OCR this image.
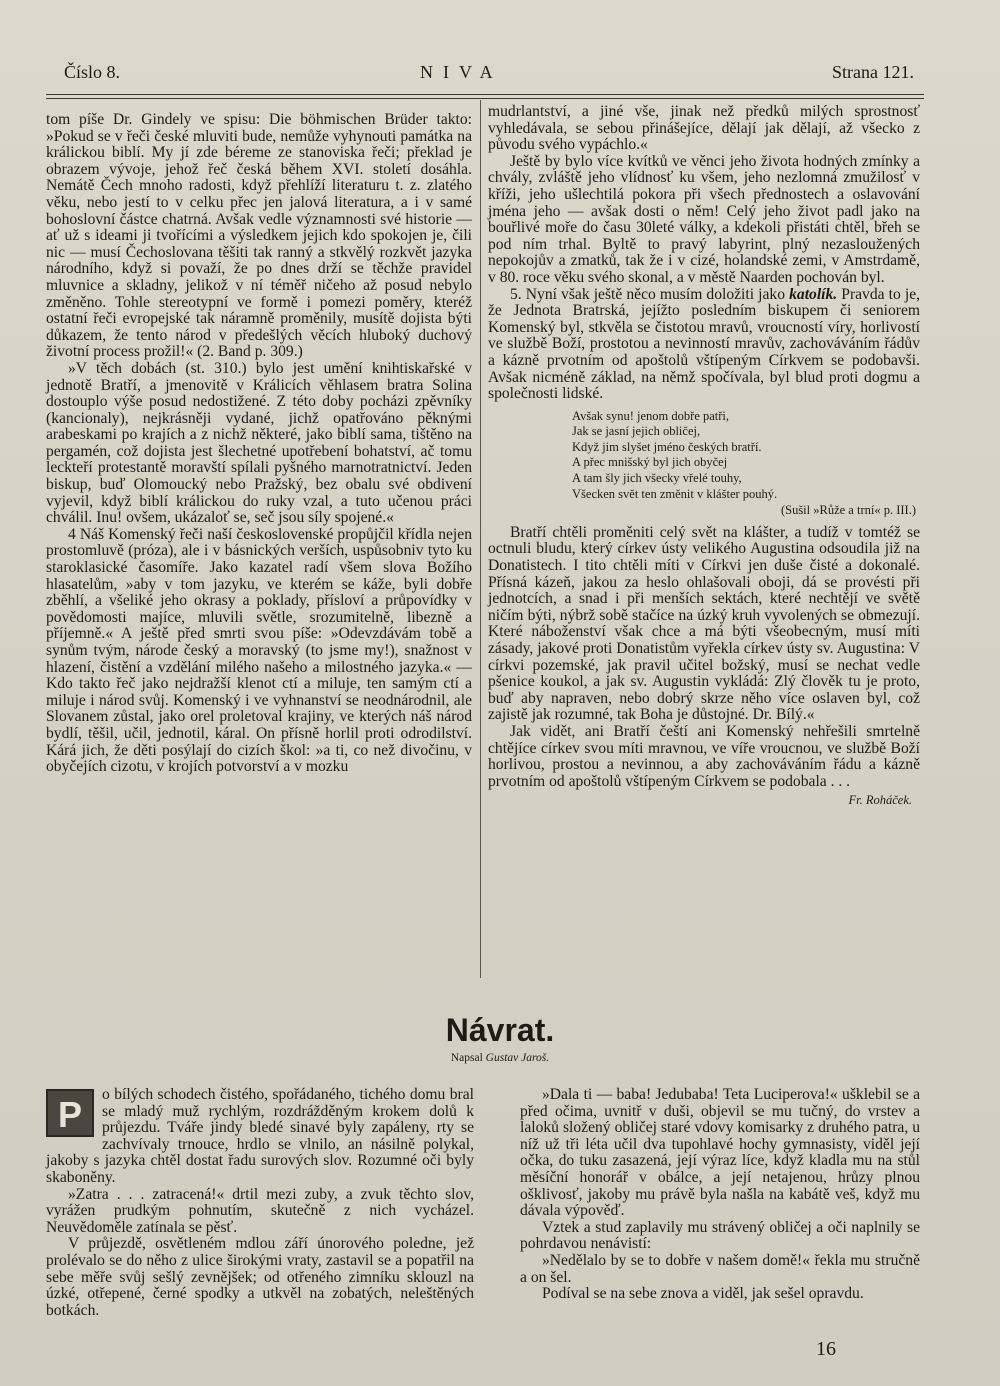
Číslo 8.	NIVA	Strana 121.

tom píše Dr. Gindely ve spisu: Die böhmischen Brüder takto: »Pokud se v řeči české mluviti bude, nemůže vyhynouti památka na králickou biblí. My jí zde béreme ze stanoviska řeči; překlad je obrazem vývoje, jehož řeč česká během XVI. století dosáhla. Nemátě Čech mnoho radosti, když přehlíží literaturu t. z. zlatého věku, nebo jestí to v celku přec jen jalová literatura, a i v samé bohoslovní částce chatrná. Avšak vedle významnosti své historie — ať už s ideami ji tvořícími a výsledkem jejich kdo spokojen je, čili nic — musí Čechoslovana těšiti tak ranný a stkvělý rozkvět jazyka národního, když si považí, že po dnes drží se těchže pravidel mluvnice a skladny, jelikož v ní téměř ničeho až posud nebylo změněno. Tohle stereotypní ve formě i pomezi poměry, kteréž ostatní řeči evropejské tak náramně proměnily, musítě dojista býti důkazem, že tento národ v předešlých věcích hluboký duchový životní process prožil!« (2. Band p. 309.)

»V těch dobách (st. 310.) bylo jest umění knihtiskařské v jednotě Bratří, a jmenovitě v Králicích věhlasem bratra Solina dostouplo výše posud nedostižené. Z této doby pocházi zpěvníky (kancionaly), nejkrásněji vydané, jichž opatřováno pěknými arabeskami po krajích a z nichž některé, jako biblí sama, tištěno na pergamén, což dojista jest šlechetné upotřebení bohatství, ač tomu leckteří protestantě moravští spílali pyšného marnotratnictví. Jeden biskup, buď Olomoucký nebo Pražský, bez obalu své obdivení vyjevil, když biblí králickou do ruky vzal, a tuto učenou práci chválil. Inu! ovšem, ukázaloť se, seč jsou síly spojené.«

4 Náš Komenský řeči naší československé propůjčil křídla nejen prostomluvě (próza), ale i v básnických verších, uspůsobniv tyto ku staroklasické časomíře. Jako kazatel radí všem slova Božího hlasatelům, »aby v tom jazyku, ve kterém se káže, byli dobře zběhlí, a všeliké jeho okrasy a poklady, přísloví a průpovídky v povědomosti majíce, mluvili světle, srozumitelně, libezně a příjemně.« A ještě před smrti svou píše: »Odevzdávám tobě a synům tvým, národe český a moravský (to jsme my!), snažnost v hlazení, čistění a vzdělání milého našeho a milostného jazyka.« — Kdo takto řeč jako nejdražší klenot ctí a miluje, ten samým ctí a miluje i národ svůj. Komenský i ve vyhnanství se neodnárodnil, ale Slovanem zůstal, jako orel proletoval krajiny, ve kterých náš národ bydlí, těšil, učil, jednotil, káral. On přísně horlil proti odrodilství. Kárá jich, že děti posýlají do cizích škol: »a ti, co než divočinu, v obyčejích cizotu, v krojích potvorství a v mozku

mudrlantství, a jiné vše, jinak než předků milých sprostnosť vyhledávala, se sebou přinášejíce, dělají jak dělají, až všecko z původu svého vypáchlo.«

Ještě by bylo více kvítků ve věnci jeho života hodných zmínky a chvály, zvláště jeho vlídnosť ku všem, jeho nezlomná zmužilosť v kříži, jeho ušlechtilá pokora při všech přednostech a oslavování jména jeho — avšak dosti o něm! Celý jeho život padl jako na bouřlivé moře do času 30leté války, a kdekoli přistáti chtěl, břeh se pod ním trhal. Byltě to pravý labyrint, plný nezasloužených nepokojův a zmatků, tak že i v cizé, holandské zemi, v Amstrdamě, v 80. roce věku svého skonal, a v městě Naarden pochován byl.

5. Nyní však ještě něco musím doložiti jako katolík. Pravda to je, že Jednota Bratrská, jejížto posledním biskupem či seniorem Komenský byl, stkvěla se čistotou mravů, vroucností víry, horlivostí ve službě Boží, prostotou a nevinností mravův, zachováváním řádův a kázně prvotním od apoštolů vštípeným Církvem se podobavši. Avšak nicméně základ, na němž spočívala, byl blud proti dogmu a společnosti lidské.

Avšak synu! jenom dobře patři,
Jak se jasní jejich obličej,
Když jim slyšet jméno českých bratří.
A přec mnišský byl jich obyčej
A tam šly jich všecky vřelé touhy,
Všecken svět ten změnit v klášter pouhý.
(Sušil »Růže a trní« p. III.)

Bratří chtěli proměniti celý svět na klášter, a tudíž v tomtéž se octnuli bludu, který církev ústy velikého Augustina odsoudila již na Donatistech. I tito chtěli míti v Církvi jen duše čisté a dokonalé. Přísná kázeň, jakou za heslo ohlašovali oboji, dá se provésti při jednotcích, a snad i při menších sektách, které nechtějí ve světě ničím býti, nýbrž sobě stačíce na úzký kruh vyvolených se obmezují. Které náboženství však chce a má býti všeobecným, musí míti zásady, jakové proti Donatistům vyřekla církev ústy sv. Augustina: V církvi pozemské, jak pravil učitel božský, musí se nechat vedle pšenice koukol, a jak sv. Augustin vykládá: Zlý člověk tu je proto, buď aby napraven, nebo dobrý skrze něho více oslaven byl, což zajistě jak rozumné, tak Boha je důstojné. Dr. Bílý.«

Jak vidět, ani Bratří čeští ani Komenský nehřešili smrtelně chtějíce církev svou míti mravnou, ve víře vroucnou, ve službě Boží horlivou, prostou a nevinnou, a aby zachováváním řádu a kázně prvotním od apoštolů vštípeným Církvem se podobala . . .

Fr. Roháček.
Návrat.
Napsal Gustav Jaroš.

P	o bílých schodech čistého, spořádaného, tichého domu bral se mladý muž rychlým, rozdrážděným krokem dolů k průjezdu. Tváře jindy bledé sinavé byly zapáleny, rty se zachvívaly trnouce, hrdlo se vlnilo, an násilně polykal, jakoby s jazyka chtěl dostat řadu surových slov. Rozumné oči byly skaboněny.

»Zatra . . . zatracená!« drtil mezi zuby, a zvuk těchto slov, vyrážen prudkým pohnutím, skutečně z nich vycházel. Neuvědoměle zatínala se pěsť.

V průjezdě, osvětleném mdlou září únorového poledne, jež prolévalo se do něho z ulice širokými vraty, zastavil se a popatřil na sebe měře svůj sešlý zevnějšek; od otřeného zimníku sklouzl na úzké, otřepené, černé spodky a utkvěl na zobatých, neleštěných botkách.

»Dala ti — baba! Jedubaba! Teta Luciperova!« ušklebil se a před očima, uvnitř v duši, objevil se mu tučný, do vrstev a laloků složený obličej staré vdovy komisarky z druhého patra, u níž už tři léta učil dva tupohlavé hochy gymnasisty, viděl její očka, do tuku zasazená, její výraz líce, když kladla mu na stůl měsíční honorář v obálce, a její netajenou, hrůzy plnou ošklivosť, jakoby mu právě byla našla na kabátě veš, když mu dávala výpověď.

Vztek a stud zaplavily mu strávený obličej a oči naplnily se pohrdavou nenávistí:

»Nedělalo by se to dobře v našem domě!« řekla mu stručně a on šel.

Podíval se na sebe znova a viděl, jak sešel opravdu.

16
